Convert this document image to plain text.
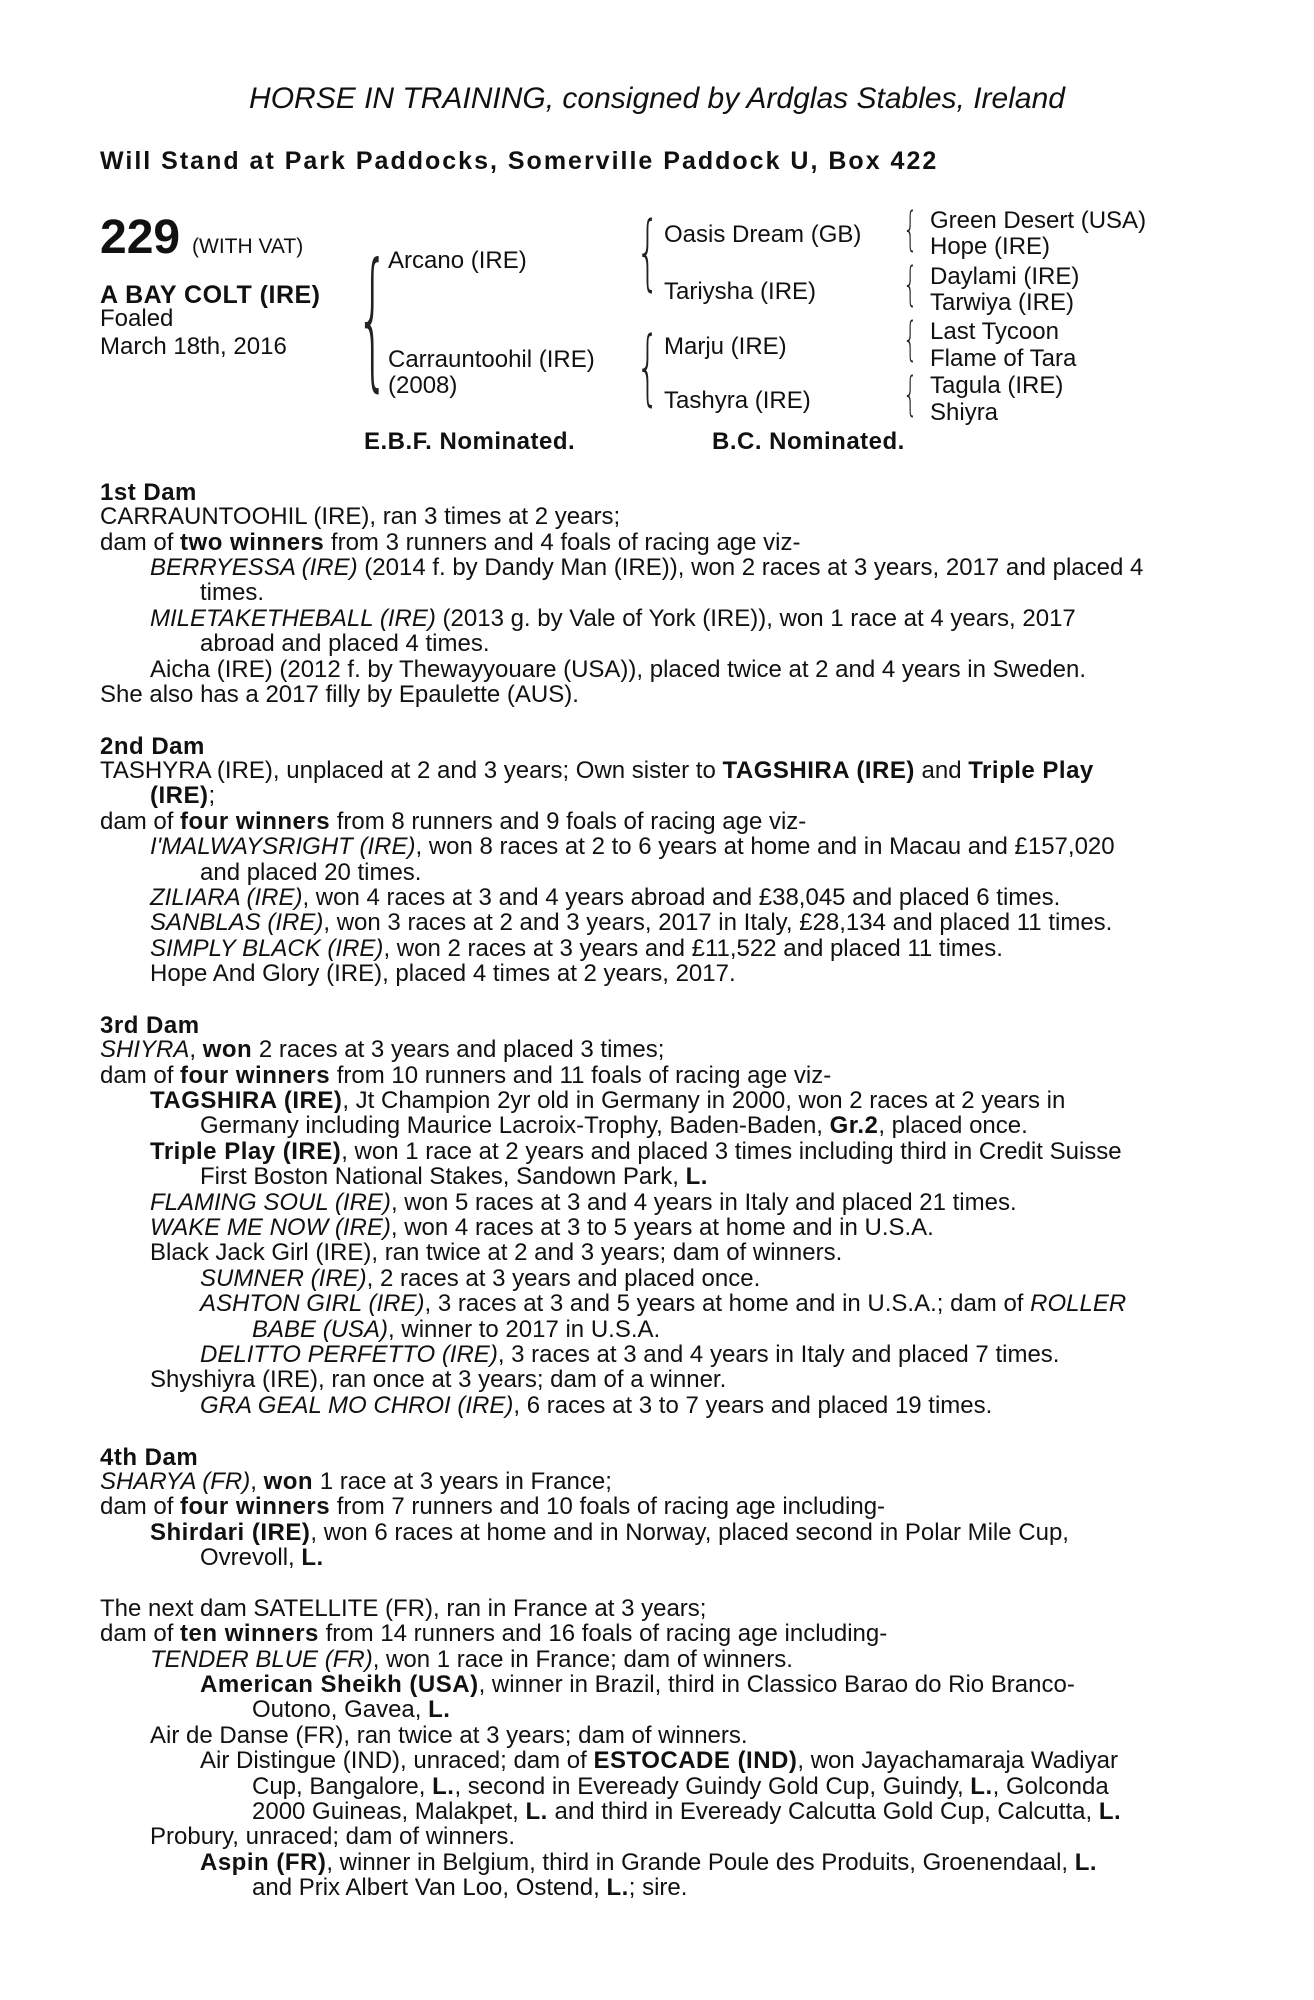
HORSE IN TRAINING, consigned by Ardglas Stables, Ireland
Will Stand at Park Paddocks, Somerville Paddock U, Box 422
229 (WITH VAT)
A BAY COLT (IRE)
Foaled
March 18th, 2016 {
Arcano (IRE)
Carrauntoohil (IRE)
(2008)
{ Oasis Dream (GB)
Tariysha (IRE)
{ Marju (IRE)
Tashyra (IRE)
{
{
{
{
Green Desert (USA)
Hope (IRE)
Daylami (IRE)
Tarwiya (IRE)
Last Tycoon
Flame of Tara
Tagula (IRE)
Shiyra
E.B.F. Nominated.	B.C. Nominated.
1st Dam
CARRAUNTOOHIL (IRE), ran 3 times at 2 years;
dam of two winners from 3 runners and 4 foals of racing age viz-
BERRYESSA (IRE) (2014 f. by Dandy Man (IRE)), won 2 races at 3 years, 2017 and placed 4
times.
MILETAKETHEBALL (IRE) (2013 g. by Vale of York (IRE)), won 1 race at 4 years, 2017
abroad and placed 4 times.
Aicha (IRE) (2012 f. by Thewayyouare (USA)), placed twice at 2 and 4 years in Sweden.
She also has a 2017 filly by Epaulette (AUS).
2nd Dam
TASHYRA (IRE), unplaced at 2 and 3 years; Own sister to TAGSHIRA (IRE) and Triple Play
(IRE);
dam of four winners from 8 runners and 9 foals of racing age viz-
I'MALWAYSRIGHT (IRE), won 8 races at 2 to 6 years at home and in Macau and £157,020
and placed 20 times.
ZILIARA (IRE), won 4 races at 3 and 4 years abroad and £38,045 and placed 6 times.
SANBLAS (IRE), won 3 races at 2 and 3 years, 2017 in Italy, £28,134 and placed 11 times.
SIMPLY BLACK (IRE), won 2 races at 3 years and £11,522 and placed 11 times.
Hope And Glory (IRE), placed 4 times at 2 years, 2017.
3rd Dam
SHIYRA, won 2 races at 3 years and placed 3 times;
dam of four winners from 10 runners and 11 foals of racing age viz-
TAGSHIRA (IRE), Jt Champion 2yr old in Germany in 2000, won 2 races at 2 years in
Germany including Maurice Lacroix-Trophy, Baden-Baden, Gr.2, placed once.
Triple Play (IRE), won 1 race at 2 years and placed 3 times including third in Credit Suisse
First Boston National Stakes, Sandown Park, L.
FLAMING SOUL (IRE), won 5 races at 3 and 4 years in Italy and placed 21 times.
WAKE ME NOW (IRE), won 4 races at 3 to 5 years at home and in U.S.A.
Black Jack Girl (IRE), ran twice at 2 and 3 years; dam of winners.
SUMNER (IRE), 2 races at 3 years and placed once.
ASHTON GIRL (IRE), 3 races at 3 and 5 years at home and in U.S.A.; dam of ROLLER
BABE (USA), winner to 2017 in U.S.A.
DELITTO PERFETTO (IRE), 3 races at 3 and 4 years in Italy and placed 7 times.
Shyshiyra (IRE), ran once at 3 years; dam of a winner.
GRA GEAL MO CHROI (IRE), 6 races at 3 to 7 years and placed 19 times.
4th Dam
SHARYA (FR), won 1 race at 3 years in France;
dam of four winners from 7 runners and 10 foals of racing age including-
Shirdari (IRE), won 6 races at home and in Norway, placed second in Polar Mile Cup,
Ovrevoll, L.
The next dam SATELLITE (FR), ran in France at 3 years;
dam of ten winners from 14 runners and 16 foals of racing age including-
TENDER BLUE (FR), won 1 race in France; dam of winners.
American Sheikh (USA), winner in Brazil, third in Classico Barao do Rio Branco-
Outono, Gavea, L.
Air de Danse (FR), ran twice at 3 years; dam of winners.
Air Distingue (IND), unraced; dam of ESTOCADE (IND), won Jayachamaraja Wadiyar
Cup, Bangalore, L., second in Eveready Guindy Gold Cup, Guindy, L., Golconda
2000 Guineas, Malakpet, L. and third in Eveready Calcutta Gold Cup, Calcutta, L.
Probury, unraced; dam of winners.
Aspin (FR), winner in Belgium, third in Grande Poule des Produits, Groenendaal, L.
and Prix Albert Van Loo, Ostend, L.; sire.
